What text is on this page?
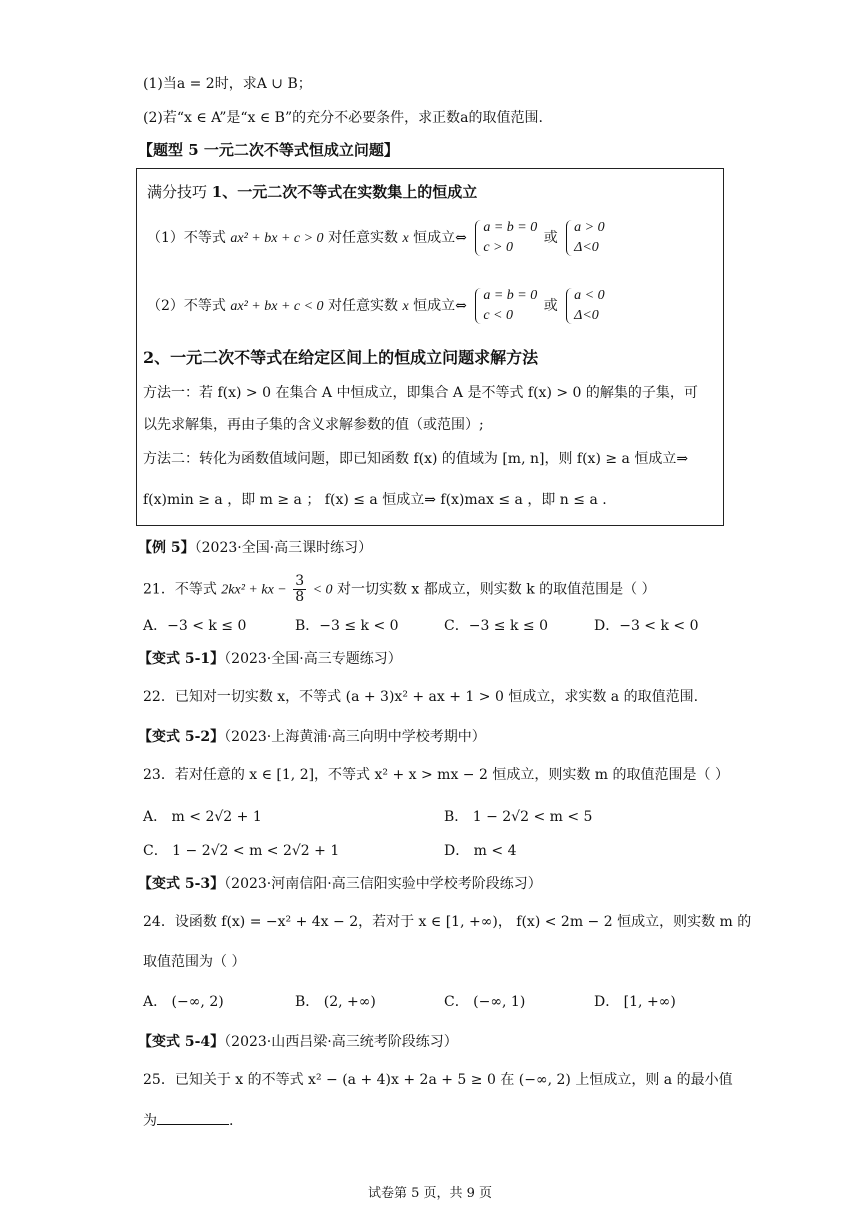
(1)当a = 2时，求A ∪ B；
(2)若“x ∈ A”是“x ∈ B”的充分不必要条件，求正数a的取值范围.
【题型 5 一元二次不等式恒成立问题】
满分技巧 1、一元二次不等式在实数集上的恒成立
（1）不等式 ax² + bx + c > 0 对任意实数 x 恒成立⇔
a = b = 0
c > 0
或
a > 0
Δ<0
（2）不等式 ax² + bx + c < 0 对任意实数 x 恒成立⇔
a = b = 0
c < 0
或
a < 0
Δ<0
2、一元二次不等式在给定区间上的恒成立问题求解方法
方法一：若 f(x) > 0 在集合 A 中恒成立，即集合 A 是不等式 f(x) > 0 的解集的子集，可
以先求解集，再由子集的含义求解参数的值（或范围）;
方法二：转化为函数值域问题，即已知函数 f(x) 的值域为 [m, n]，则 f(x) ≥ a 恒成立⇒
f(x)min ≥ a ，即 m ≥ a ； f(x) ≤ a 恒成立⇒ f(x)max ≤ a ，即 n ≤ a .
【例 5】（2023·全国·高三课时练习）
21．不等式 2kx² + kx − $\frac{3}{8} < 0$ 对一切实数 x 都成立，则实数 k 的取值范围是（ ）
A．−3 < k ≤ 0	B．−3 ≤ k < 0	C．−3 ≤ k ≤ 0	D．−3 < k < 0
【变式 5-1】（2023·全国·高三专题练习）
22．已知对一切实数 x，不等式 (a + 3)x² + ax + 1 > 0 恒成立，求实数 a 的取值范围.
【变式 5-2】（2023·上海黄浦·高三向明中学校考期中）
23．若对任意的 x ∈ [1, 2]，不等式 x² + x > mx − 2 恒成立，则实数 m 的取值范围是（ ）
A． m < 2√2 + 1	B． 1 − 2√2 < m < 5
C． 1 − 2√2 < m < 2√2 + 1	D． m < 4
【变式 5-3】（2023·河南信阳·高三信阳实验中学校考阶段练习）
24．设函数 f(x) = −x² + 4x − 2，若对于 x ∈ [1, +∞)， f(x) < 2m − 2 恒成立，则实数 m 的
取值范围为（ ）
A． (−∞, 2)	B． (2, +∞)	C． (−∞, 1)	D． [1, +∞)
【变式 5-4】（2023·山西吕梁·高三统考阶段练习）
25．已知关于 x 的不等式 x² − (a + 4)x + 2a + 5 ≥ 0 在 (−∞, 2) 上恒成立，则 a 的最小值
为	.
试卷第 5 页，共 9 页
